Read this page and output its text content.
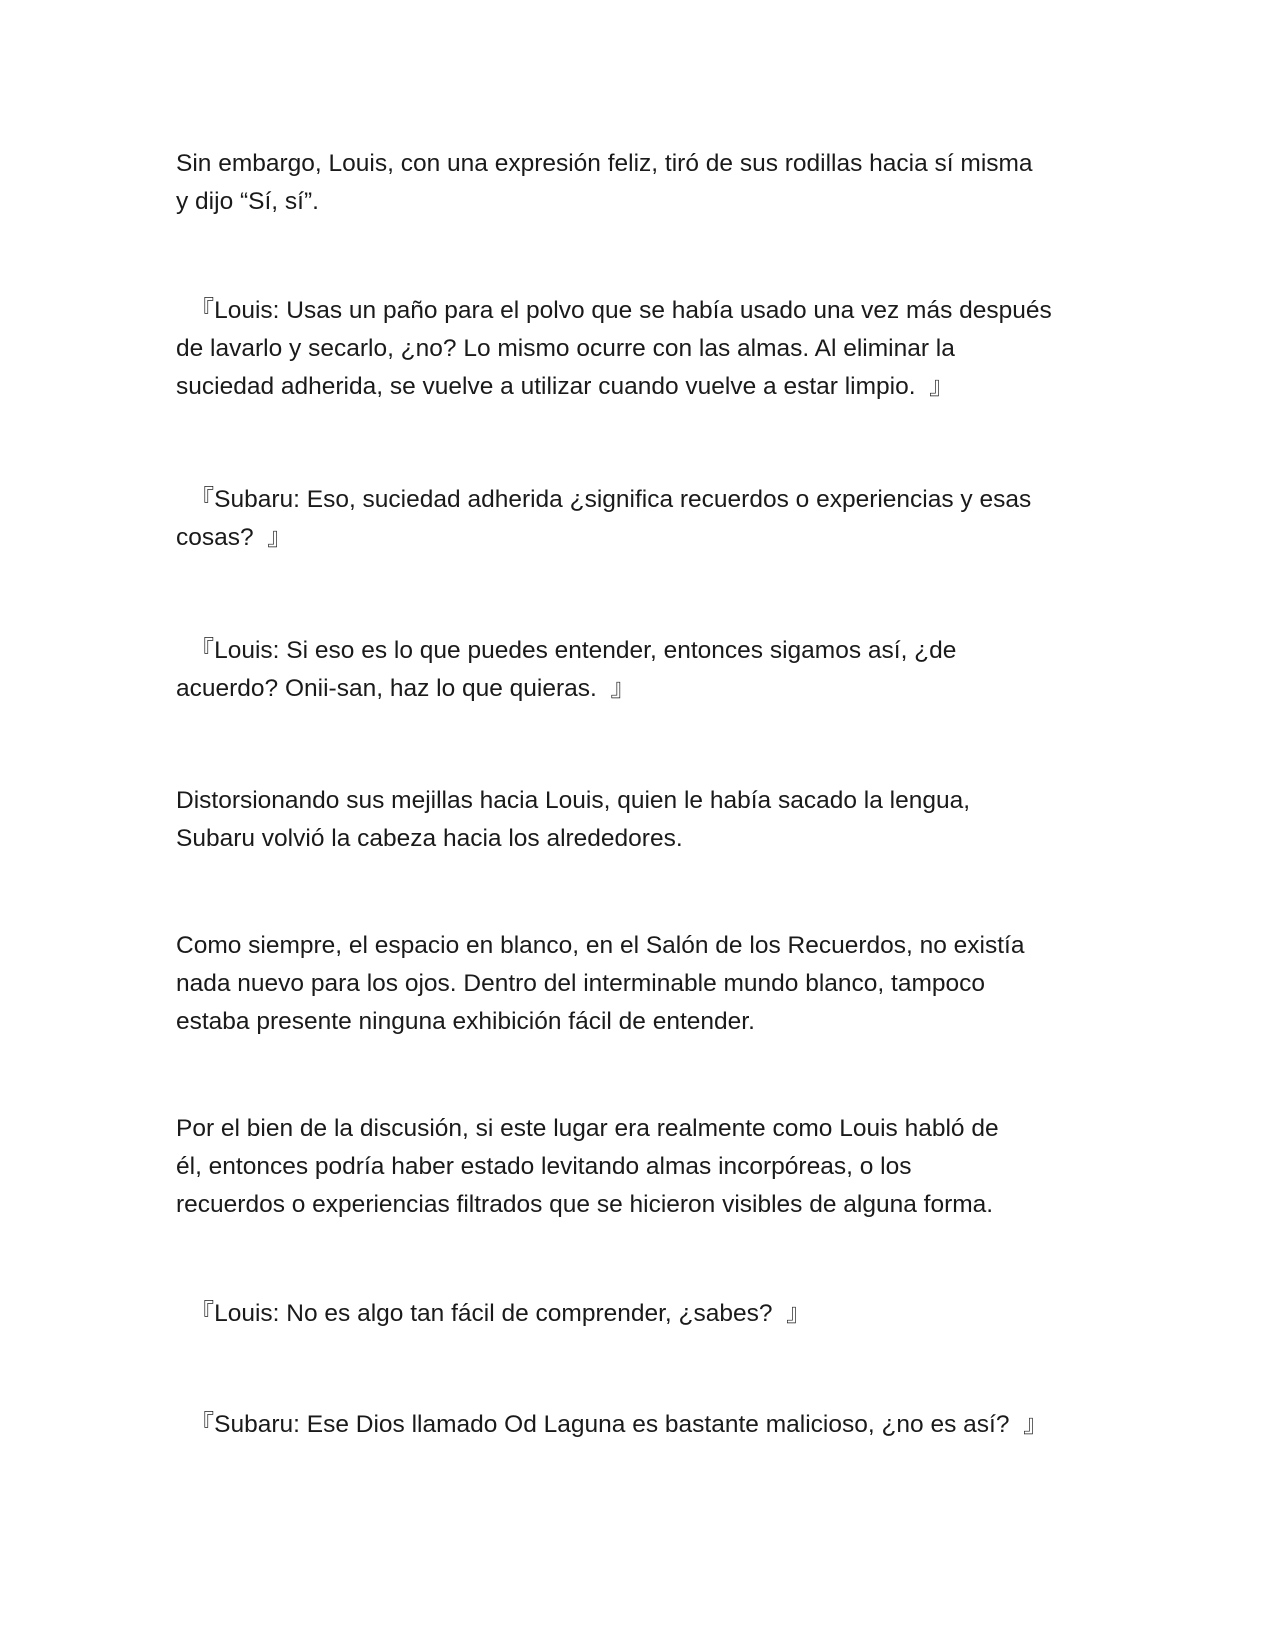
Sin embargo, Louis, con una expresión feliz, tiró de sus rodillas hacia sí misma
y dijo “Sí, sí”.

『Louis: Usas un paño para el polvo que se había usado una vez más después
de lavarlo y secarlo, ¿no? Lo mismo ocurre con las almas. Al eliminar la
suciedad adherida, se vuelve a utilizar cuando vuelve a estar limpio.  』

『Subaru: Eso, suciedad adherida ¿significa recuerdos o experiencias y esas
cosas?  』

『Louis: Si eso es lo que puedes entender, entonces sigamos así, ¿de
acuerdo? Onii-san, haz lo que quieras.  』

Distorsionando sus mejillas hacia Louis, quien le había sacado la lengua,
Subaru volvió la cabeza hacia los alrededores.

Como siempre, el espacio en blanco, en el Salón de los Recuerdos, no existía
nada nuevo para los ojos. Dentro del interminable mundo blanco, tampoco
estaba presente ninguna exhibición fácil de entender.

Por el bien de la discusión, si este lugar era realmente como Louis habló de
él, entonces podría haber estado levitando almas incorpóreas, o los
recuerdos o experiencias filtrados que se hicieron visibles de alguna forma.

『Louis: No es algo tan fácil de comprender, ¿sabes?  』

『Subaru: Ese Dios llamado Od Laguna es bastante malicioso, ¿no es así?  』
